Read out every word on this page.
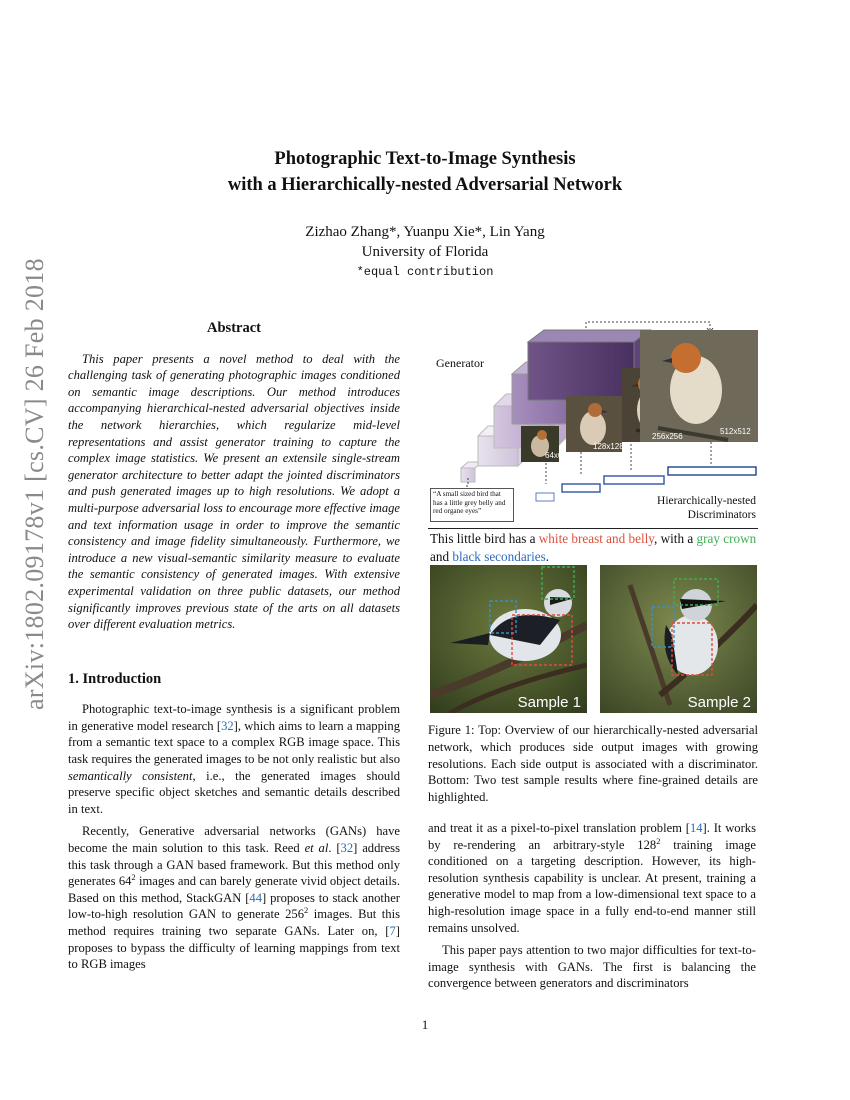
arXiv:1802.09178v1 [cs.CV] 26 Feb 2018
Photographic Text-to-Image Synthesis
with a Hierarchically-nested Adversarial Network
Zizhao Zhang*, Yuanpu Xie*, Lin Yang
University of Florida
*equal contribution
Abstract

This paper presents a novel method to deal with the challenging task of generating photographic images conditioned on semantic image descriptions. Our method introduces accompanying hierarchical-nested adversarial objectives inside the network hierarchies, which regularize mid-level representations and assist generator training to capture the complex image statistics. We present an extensile single-stream generator architecture to better adapt the jointed discriminators and push generated images up to high resolutions. We adopt a multi-purpose adversarial loss to encourage more effective image and text information usage in order to improve the semantic consistency and image fidelity simultaneously. Furthermore, we introduce a new visual-semantic similarity measure to evaluate the semantic consistency of generated images. With extensive experimental validation on three public datasets, our method significantly improves previous state of the arts on all datasets over different evaluation metrics.

1. Introduction

Photographic text-to-image synthesis is a significant problem in generative model research [32], which aims to learn a mapping from a semantic text space to a complex RGB image space. This task requires the generated images to be not only realistic but also semantically consistent, i.e., the generated images should preserve specific object sketches and semantic details described in text.

Recently, Generative adversarial networks (GANs) have become the main solution to this task. Reed et al. [32] address this task through a GAN based framework. But this method only generates $64^2$ images and can barely generate vivid object details. Based on this method, StackGAN [44] proposes to stack another low-to-high resolution GAN to generate $256^2$ images. But this method requires training two separate GANs. Later on, [7] proposes to bypass the difficulty of learning mappings from text to RGB images

Generator
64x64
128x128
256x256
512x512
“A small sized bird that has a little grey belly and red organe eyes”
Hierarchically-nested
Discriminators
This little bird has a white breast and belly, with a gray crown and black secondaries.
Sample 1	Sample 2
Figure 1: Top: Overview of our hierarchically-nested adversarial network, which produces side output images with growing resolutions. Each side output is associated with a discriminator. Bottom: Two test sample results where fine-grained details are highlighted.

and treat it as a pixel-to-pixel translation problem [14]. It works by re-rendering an arbitrary-style $128^2$ training image conditioned on a targeting description. However, its high-resolution synthesis capability is unclear. At present, training a generative model to map from a low-dimensional text space to a high-resolution image space in a fully end-to-end manner still remains unsolved.

This paper pays attention to two major difficulties for text-to-image synthesis with GANs. The first is balancing the convergence between generators and discriminators

1
